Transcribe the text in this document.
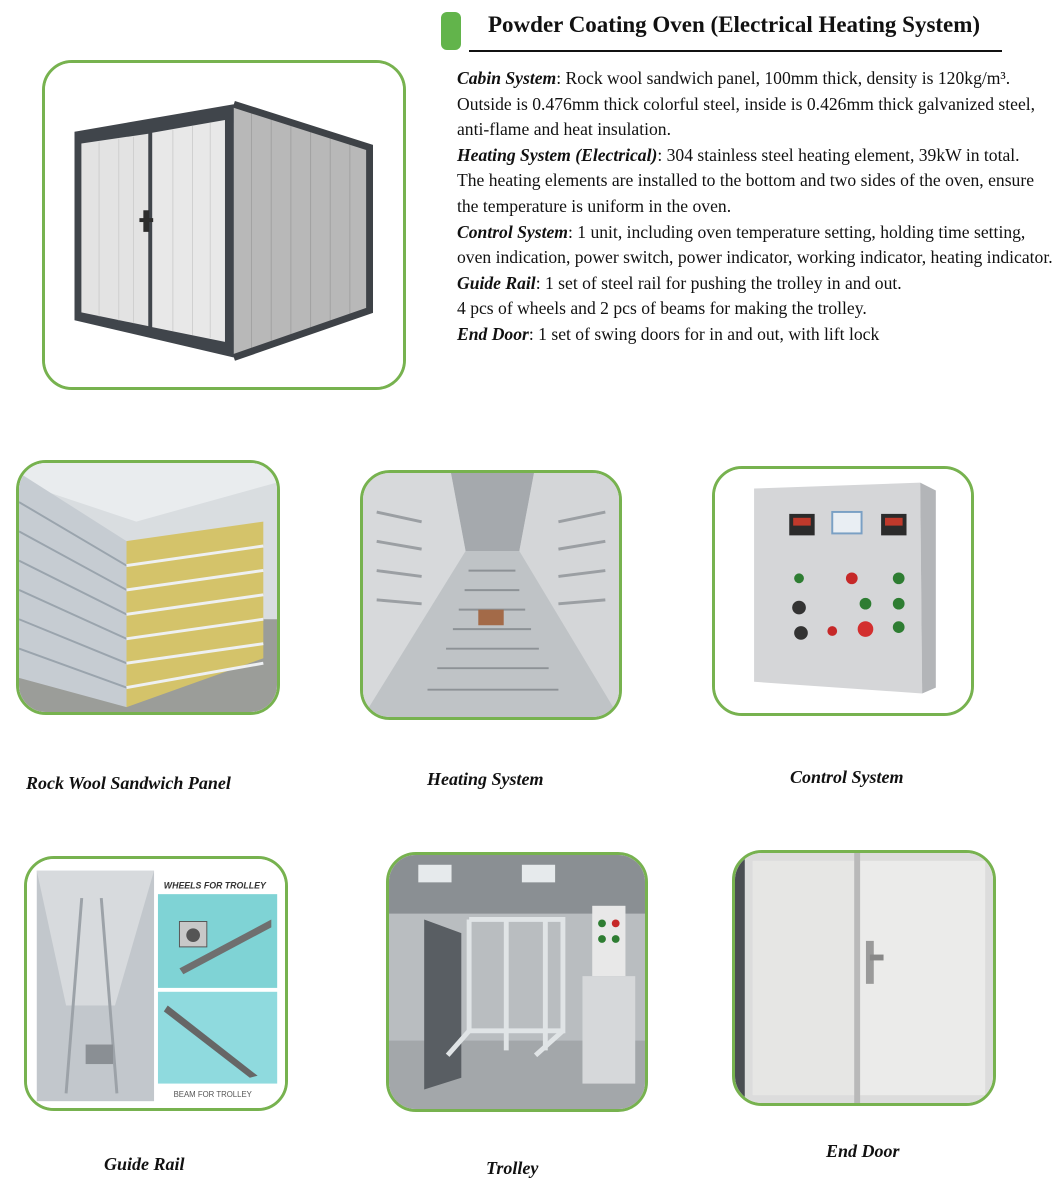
Powder Coating Oven (Electrical Heating System)

Cabin System: Rock wool sandwich panel, 100mm thick, density is 120kg/m³. Outside is 0.476mm thick colorful steel, inside is 0.426mm thick galvanized steel, anti-flame and heat insulation.

Heating System (Electrical): 304 stainless steel heating element, 39kW in total.

The heating elements are installed to the bottom and two sides of the oven, ensure the temperature is uniform in the oven.

Control System: 1 unit, including oven temperature setting, holding time setting, oven indication, power switch, power indicator, working indicator, heating indicator.

Guide Rail: 1 set of steel rail for pushing the trolley in and out.

4 pcs of wheels and 2 pcs of beams for making the trolley.

End Door: 1 set of swing doors for in and out, with lift lock

Rock Wool Sandwich Panel	Heating System	Control System
WHEELS FOR TROLLEY
BEAM FOR TROLLEY
Guide Rail	Trolley
End Door
